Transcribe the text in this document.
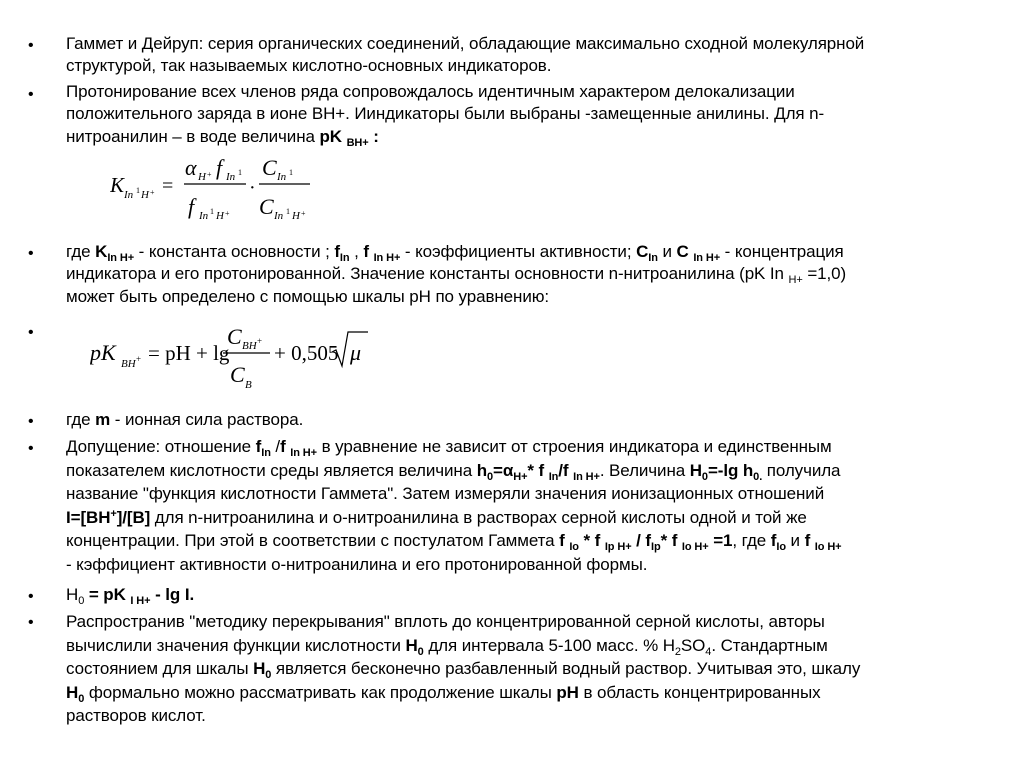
• Гаммет и Дейруп: серия органических соединений, обладающие максимально сходной молекулярной
структурой, так называемых кислотно-основных индикаторов.
• Протонирование всех членов ряда сопровождалось идентичным характером делокализации
положительного заряда в ионе ВН+. Ииндикаторы были выбраны -замещенные анилины. Для n-
нитроанилин – в воде величина pK $_{BH+}$ :
K In 1 H + =
α H + f In 1
f In 1 H +
·
C In 1
C In 1 H +
• где $K_{In H+}$ - константа основности ; $f_{In}$ , f $_{In H+}$ - коэффициенты активности; $C_{In}$ и C $_{In H+}$ - концентрация
индикатора и его протонированной. Значение константы основности n-нитроанилина (pK In $_{H+}$ =1,0)
может быть определено с помощью шкалы рН по уравнению:
•
pK BH + = pH + lg
C BH +
C B
+ 0,505 μ
• где m - ионная сила раствора.
• Допущение: отношение $f_{In}$ /f $_{In H+}$ в уравнение не зависит от строения индикатора и единственным
показателем кислотности среды является величина $h_0=\alpha_{H+}*$ f $_{In}$/f $_{In H+}$. Величина $H_0=-\lg$ $h_{0.}$ получила
название "функция кислотности Гаммета". Затем измеряли значения ионизационных отношений
I=[BH+]/[B] для n-нитроанилина и о-нитроанилина в растворах серной кислоты одной и той же
концентрации. При этой в соответствии с постулатом Гаммета f $_{Io}$ * f $_{Ip H+} / f_{Ip}*$ f $_{Io H+}$ =1, где $f_{Io}$ и f $_{Io H+}$
- кэффициент активности о-нитроанилина и его протонированной формы.
• $H_0$ = pK $_{I H+}$ - lg I.
• Распространив "методику перекрывания" вплоть до концентрированной серной кислоты, авторы
вычислили значения функции кислотности $H_0$ для интервала 5-100 масс. % $H_2SO_4$. Стандартным
состоянием для шкалы $H_0$ является бесконечно разбавленный водный раствор. Учитывая это, шкалу
$H_0$ формально можно рассматривать как продолжение шкалы pH в область концентрированных
растворов кислот.
